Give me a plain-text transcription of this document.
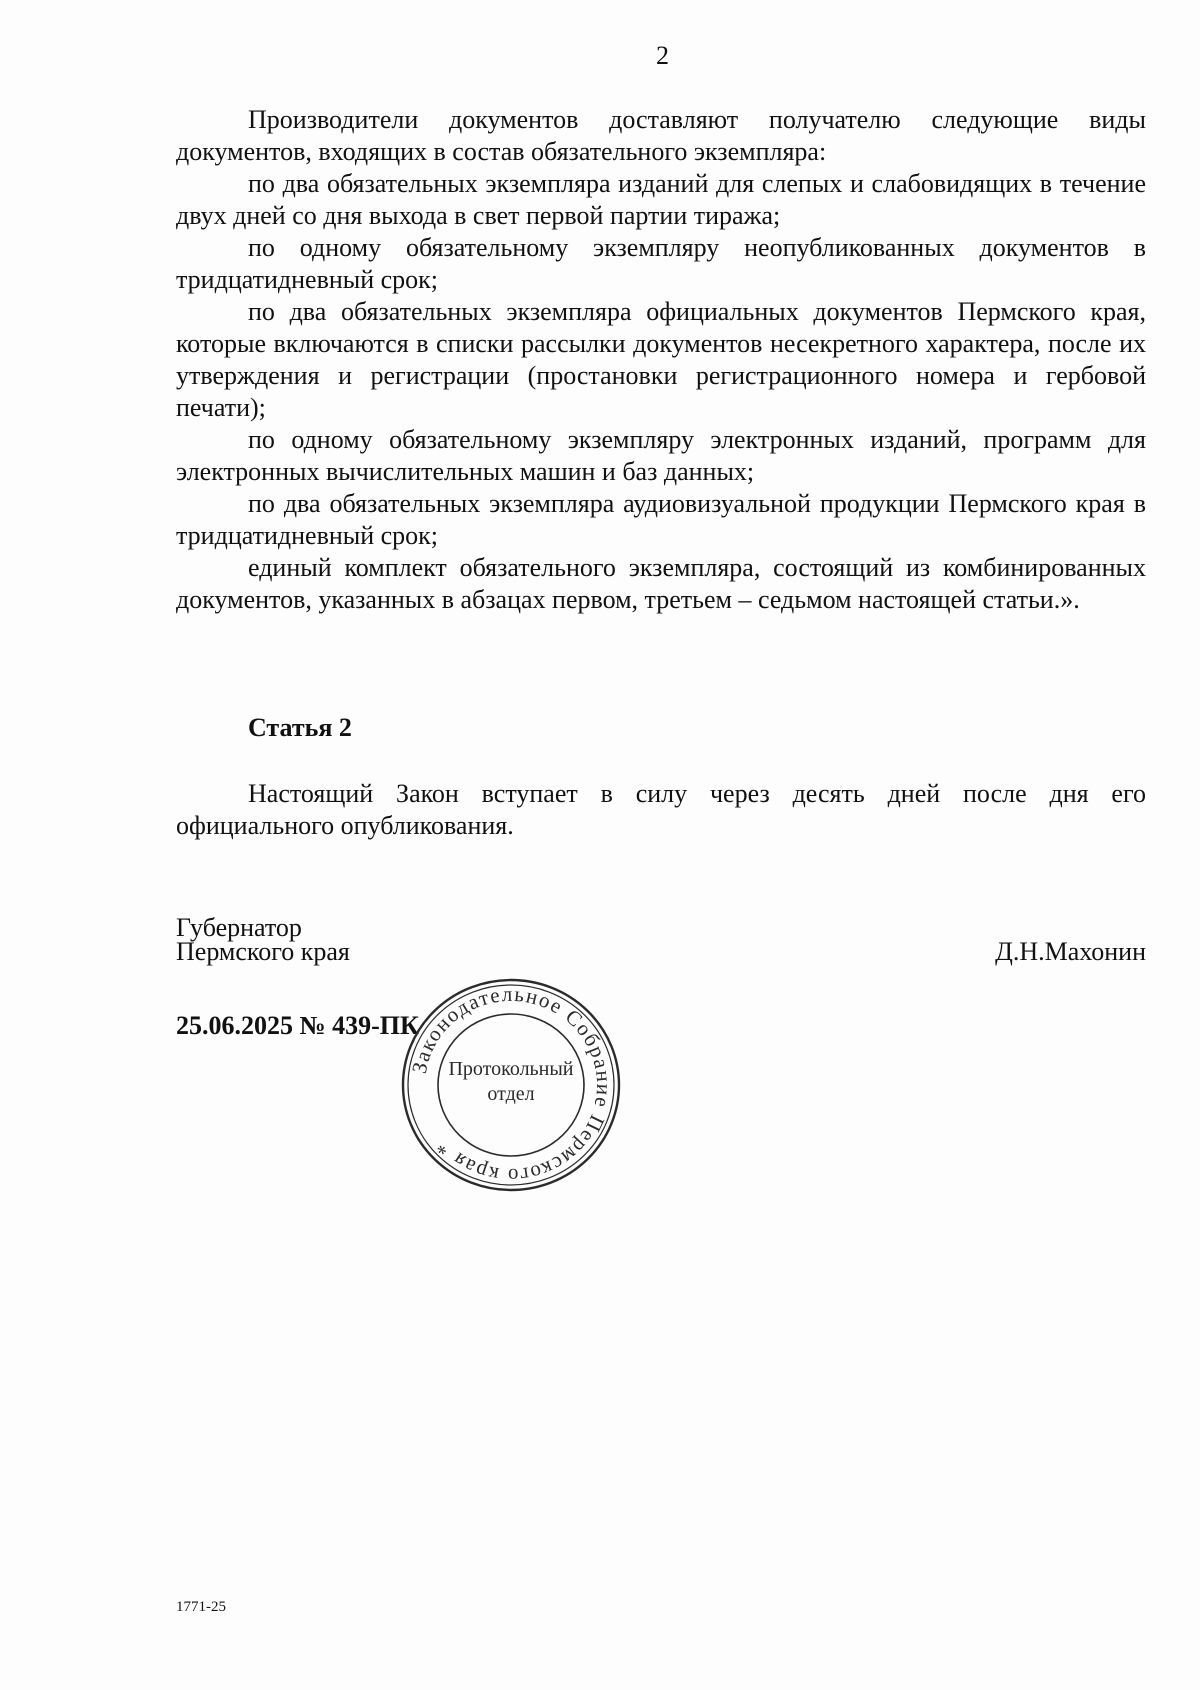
2

Производители документов доставляют получателю следующие виды документов, входящих в состав обязательного экземпляра:

по два обязательных экземпляра изданий для слепых и слабовидящих в течение двух дней со дня выхода в свет первой партии тиража;

по одному обязательному экземпляру неопубликованных документов в тридцатидневный срок;

по два обязательных экземпляра официальных документов Пермского края, которые включаются в списки рассылки документов несекретного характера, после их утверждения и регистрации (простановки регистрационного номера и гербовой печати);

по одному обязательному экземпляру электронных изданий, программ для электронных вычислительных машин и баз данных;

по два обязательных экземпляра аудиовизуальной продукции Пермского края в тридцатидневный срок;

единый комплект обязательного экземпляра, состоящий из комбинированных документов, указанных в абзацах первом, третьем – седьмом настоящей статьи.».

Статья 2

Настоящий Закон вступает в силу через десять дней после дня его официального опубликования.

Губернатор
Пермского края	Д.Н.Махонин
25.06.2025 № 439-ПК
Законодательное Собрание Пермского края *
Протокольный
отдел
1771-25
